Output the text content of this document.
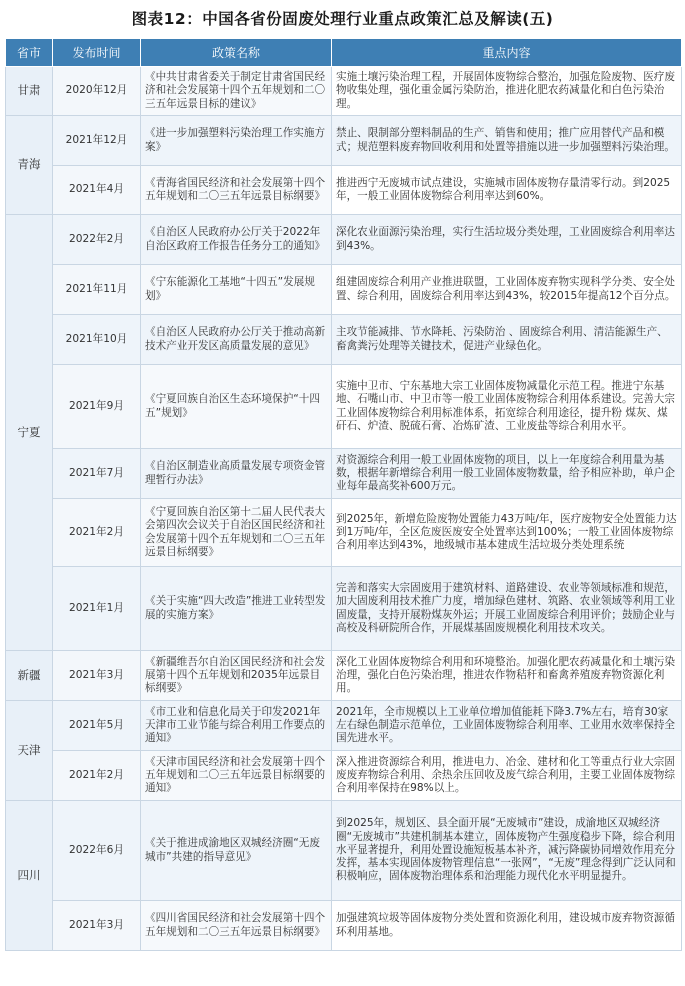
图表12：中国各省份固废处理行业重点政策汇总及解读(五)
省市	发布时间	政策名称	重点内容
甘肃	2020年12月	《中共甘肃省委关于制定甘肃省国民经济和社会发展第十四个五年规划和二〇三五年远景目标的建议》	实施土壤污染治理工程，开展固体废物综合整治，加强危险废物、医疗废物收集处理，强化重金属污染防治，推进化肥农药减量化和白色污染治理。
青海	2021年12月	《进一步加强塑料污染治理工作实施方案》	禁止、限制部分塑料制品的生产、销售和使用；推广应用替代产品和模式；规范塑料废弃物回收利用和处置等措施以进一步加强塑料污染治理。
	2021年4月	《青海省国民经济和社会发展第十四个五年规划和二〇三五年远景目标纲要》	推进西宁无废城市试点建设，实施城市固体废物存量清零行动。到2025年，一般工业固体废物综合利用率达到60%。
宁夏	2022年2月	《自治区人民政府办公厅关于2022年自治区政府工作报告任务分工的通知》	深化农业面源污染治理，实行生活垃圾分类处理，工业固废综合利用率达到43%。
	2021年11月	《宁东能源化工基地“十四五”发展规划》	组建固废综合利用产业推进联盟，工业固体废弃物实现科学分类、安全处置、综合利用，固废综合利用率达到43%，较2015年提高12个百分点。
	2021年10月	《自治区人民政府办公厅关于推动高新技术产业开发区高质量发展的意见》	主攻节能减排、节水降耗、污染防治 、固废综合利用、清洁能源生产、畜禽粪污处理等关键技术，促进产业绿色化。
	2021年9月	《宁夏回族自治区生态环境保护“十四五”规划》	实施中卫市、宁东基地大宗工业固体废物减量化示范工程。推进宁东基地、石嘴山市、中卫市等一般工业固体废物综合利用体系建设。完善大宗工业固体废物综合利用标准体系，拓宽综合利用途径，提升粉 煤灰、煤矸石、炉渣、脱硫石膏、冶炼矿渣、工业废盐等综合利用水平。
	2021年7月	《自治区制造业高质量发展专项资金管理暂行办法》	对资源综合利用一般工业固体废物的项目，以上一年度综合利用量为基数，根据年新增综合利用一般工业固体废物数量，给予相应补助，单户企业每年最高奖补600万元。
	2021年2月	《宁夏回族自治区第十二届人民代表大会第四次会议关于自治区国民经济和社会发展第十四个五年规划和二〇三五年远景目标纲要》	到2025年，新增危险废物处置能力43万吨/年，医疗废物安全处置能力达到1万吨/年，全区危废医废安全处置率达到100%；一般工业固体废物综合利用率达到43%，地级城市基本建成生活垃圾分类处理系统
	2021年1月	《关于实施“四大改造”推进工业转型发展的实施方案》	完善和落实大宗固废用于建筑材料、道路建设、农业等领域标准和规范，加大固废利用技术推广力度，增加绿色建材、筑路、农业领域等利用工业固废量，支持开展粉煤灰外运；开展工业固废综合利用评价；鼓励企业与高校及科研院所合作，开展煤基固废规模化利用技术攻关。
新疆	2021年3月	《新疆维吾尔自治区国民经济和社会发展第十四个五年规划和2035年远景目标纲要》	深化工业固体废物综合利用和环境整治。加强化肥农药减量化和土壤污染治理，强化白色污染治理，推进农作物秸秆和畜禽养殖废弃物资源化利用。
天津	2021年5月	《市工业和信息化局关于印发2021年天津市工业节能与综合利用工作要点的通知》	2021年，全市规模以上工业单位增加值能耗下降3.7%左右，培育30家左右绿色制造示范单位，工业固体废物综合利用率、工业用水效率保持全国先进水平。
	2021年2月	《天津市国民经济和社会发展第十四个五年规划和二〇三五年远景目标纲要的通知》	深入推进资源综合利用，推进电力、冶金、建材和化工等重点行业大宗固废废弃物综合利用、余热余压回收及废气综合利用，主要工业固体废物综合利用率保持在98%以上。
四川	2022年6月	《关于推进成渝地区双城经济圈“无废城市”共建的指导意见》	到2025年，规划区、县全面开展“无废城市”建设，成渝地区双城经济圈“无废城市”共建机制基本建立，固体废物产生强度稳步下降，综合利用水平显著提升，利用处置设施短板基本补齐，减污降碳协同增效作用充分发挥，基本实现固体废物管理信息“一张网”，“无废”理念得到广泛认同和积极响应，固体废物治理体系和治理能力现代化水平明显提升。
	2021年3月	《四川省国民经济和社会发展第十四个五年规划和二〇三五年远景目标纲要》	加强建筑垃圾等固体废物分类处置和资源化利用，建设城市废弃物资源循环利用基地。
